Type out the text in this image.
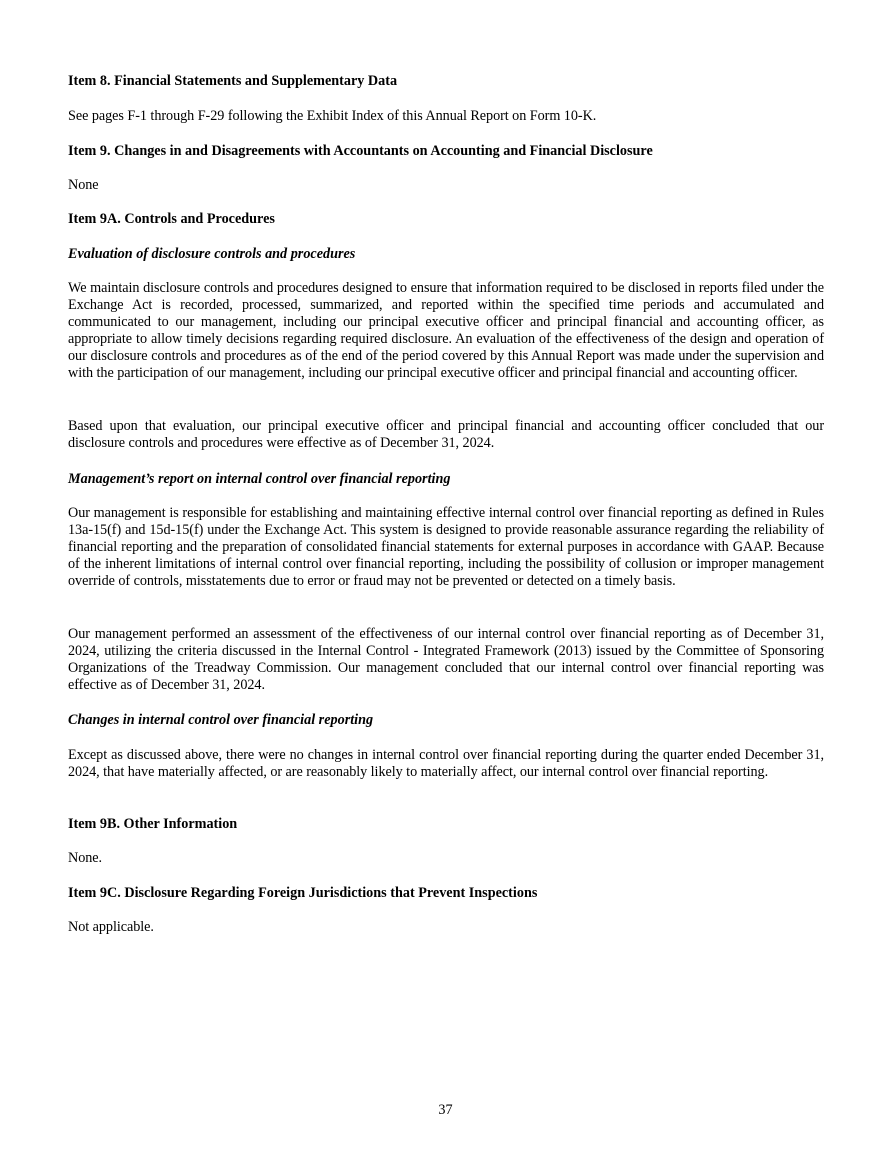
Item 8. Financial Statements and Supplementary Data

See pages F-1 through F-29 following the Exhibit Index of this Annual Report on Form 10-K.

Item 9. Changes in and Disagreements with Accountants on Accounting and Financial Disclosure

None

Item 9A. Controls and Procedures
Evaluation of disclosure controls and procedures

We maintain disclosure controls and procedures designed to ensure that information required to be disclosed in reports filed under the Exchange Act is recorded, processed, summarized, and reported within the specified time periods and accumulated and communicated to our management, including our principal executive officer and principal financial and accounting officer, as appropriate to allow timely decisions regarding required disclosure. An evaluation of the effectiveness of the design and operation of our disclosure controls and procedures as of the end of the period covered by this Annual Report was made under the supervision and with the participation of our management, including our principal executive officer and principal financial and accounting officer.

Based upon that evaluation, our principal executive officer and principal financial and accounting officer concluded that our disclosure controls and procedures were effective as of December 31, 2024.

Management’s report on internal control over financial reporting

Our management is responsible for establishing and maintaining effective internal control over financial reporting as defined in Rules 13a-15(f) and 15d-15(f) under the Exchange Act. This system is designed to provide reasonable assurance regarding the reliability of financial reporting and the preparation of consolidated financial statements for external purposes in accordance with GAAP. Because of the inherent limitations of internal control over financial reporting, including the possibility of collusion or improper management override of controls, misstatements due to error or fraud may not be prevented or detected on a timely basis.

Our management performed an assessment of the effectiveness of our internal control over financial reporting as of December 31, 2024, utilizing the criteria discussed in the Internal Control - Integrated Framework (2013) issued by the Committee of Sponsoring Organizations of the Treadway Commission. Our management concluded that our internal control over financial reporting was effective as of December 31, 2024.

Changes in internal control over financial reporting

Except as discussed above, there were no changes in internal control over financial reporting during the quarter ended December 31, 2024, that have materially affected, or are reasonably likely to materially affect, our internal control over financial reporting.

Item 9B. Other Information

None.

Item 9C. Disclosure Regarding Foreign Jurisdictions that Prevent Inspections

Not applicable.

37
